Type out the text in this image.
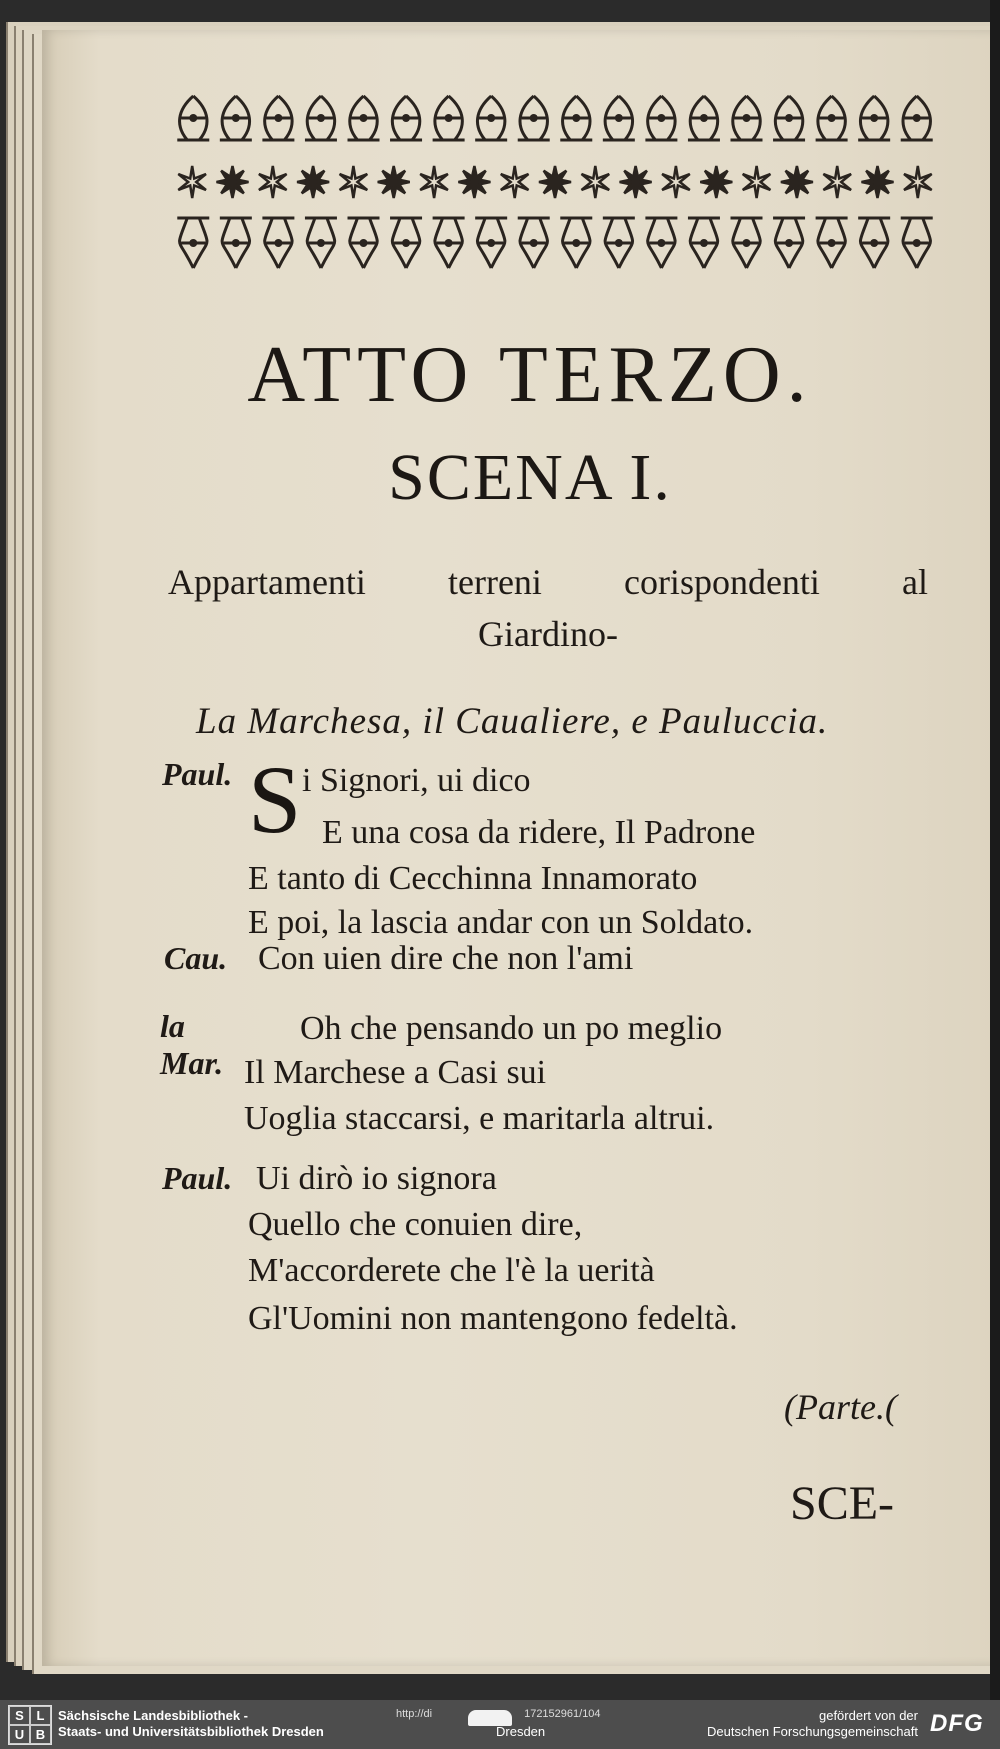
ATTO TERZO.
SCENA I.
Appartamenti terreni corispondenti al
Giardino-
La Marchesa, il Caualiere, e Pauluccia.
Paul. S i Signori, ui dico
E una cosa da ridere, Il Padrone
E tanto di Cecchinna Innamorato
E poi, la lascia andar con un Soldato.
Cau. Con uien dire che non l'ami
la Mar.
Oh che pensando un po meglio
Il Marchese a Casi sui
Uoglia staccarsi, e maritarla altrui.
Paul. Ui dirò io signora
Quello che conuien dire,
M'accorderete che l'è la uerità
Gl'Uomini non mantengono fedeltà.
(Parte.(
SCE-
S L
U B
Sächsische Landesbibliothek -
Staats- und Universitätsbibliothek Dresden
http://di	172152961/104
Dresden
gefördert von der
Deutschen Forschungsgemeinschaft DFG
